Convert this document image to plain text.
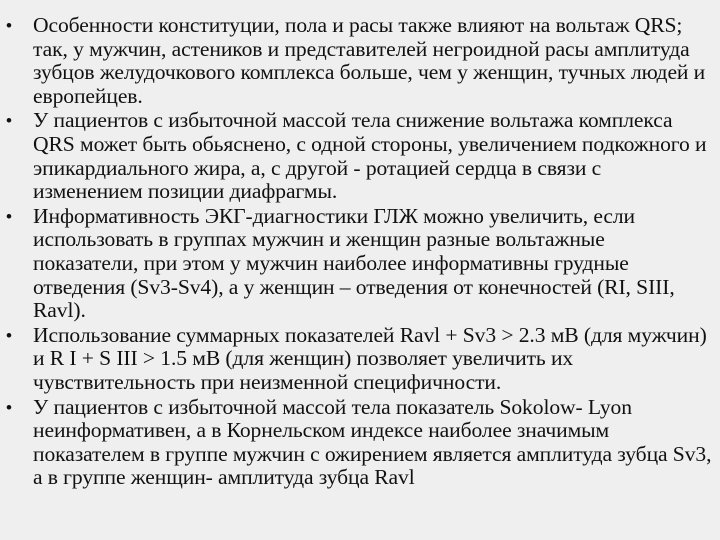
• Особенности конституции, пола и расы также влияют на вольтаж QRS; так, у мужчин, астеников и представителей негроидной расы амплитуда зубцов желудочкового комплекса больше, чем у женщин, тучных людей и европейцев.
• У пациентов с избыточной массой тела снижение вольтажа комплекса QRS может быть обьяснено, с одной стороны, увеличением подкожного и эпикардиального жира, а, с другой - ротацией сердца в связи с изменением позиции диафрагмы.
• Информативность ЭКГ-диагностики ГЛЖ можно увеличить, если использовать в группах мужчин и женщин разные вольтажные показатели, при этом у мужчин наиболее информативны грудные отведения (Sv3-Sv4), а у женщин – отведения от конечностей (RI, SIII, Ravl).
• Использование суммарных показателей Ravl + Sv3 > 2.3 мВ (для мужчин) и R I + S III > 1.5 мВ (для женщин) позволяет увеличить их чувствительность при неизменной специфичности.
• У пациентов с избыточной массой тела показатель Sokolow- Lyon неинформативен, а в Корнельском индексе наиболее значимым показателем в группе мужчин с ожирением является амплитуда зубца Sv3, а в группе женщин- амплитуда зубца Ravl
